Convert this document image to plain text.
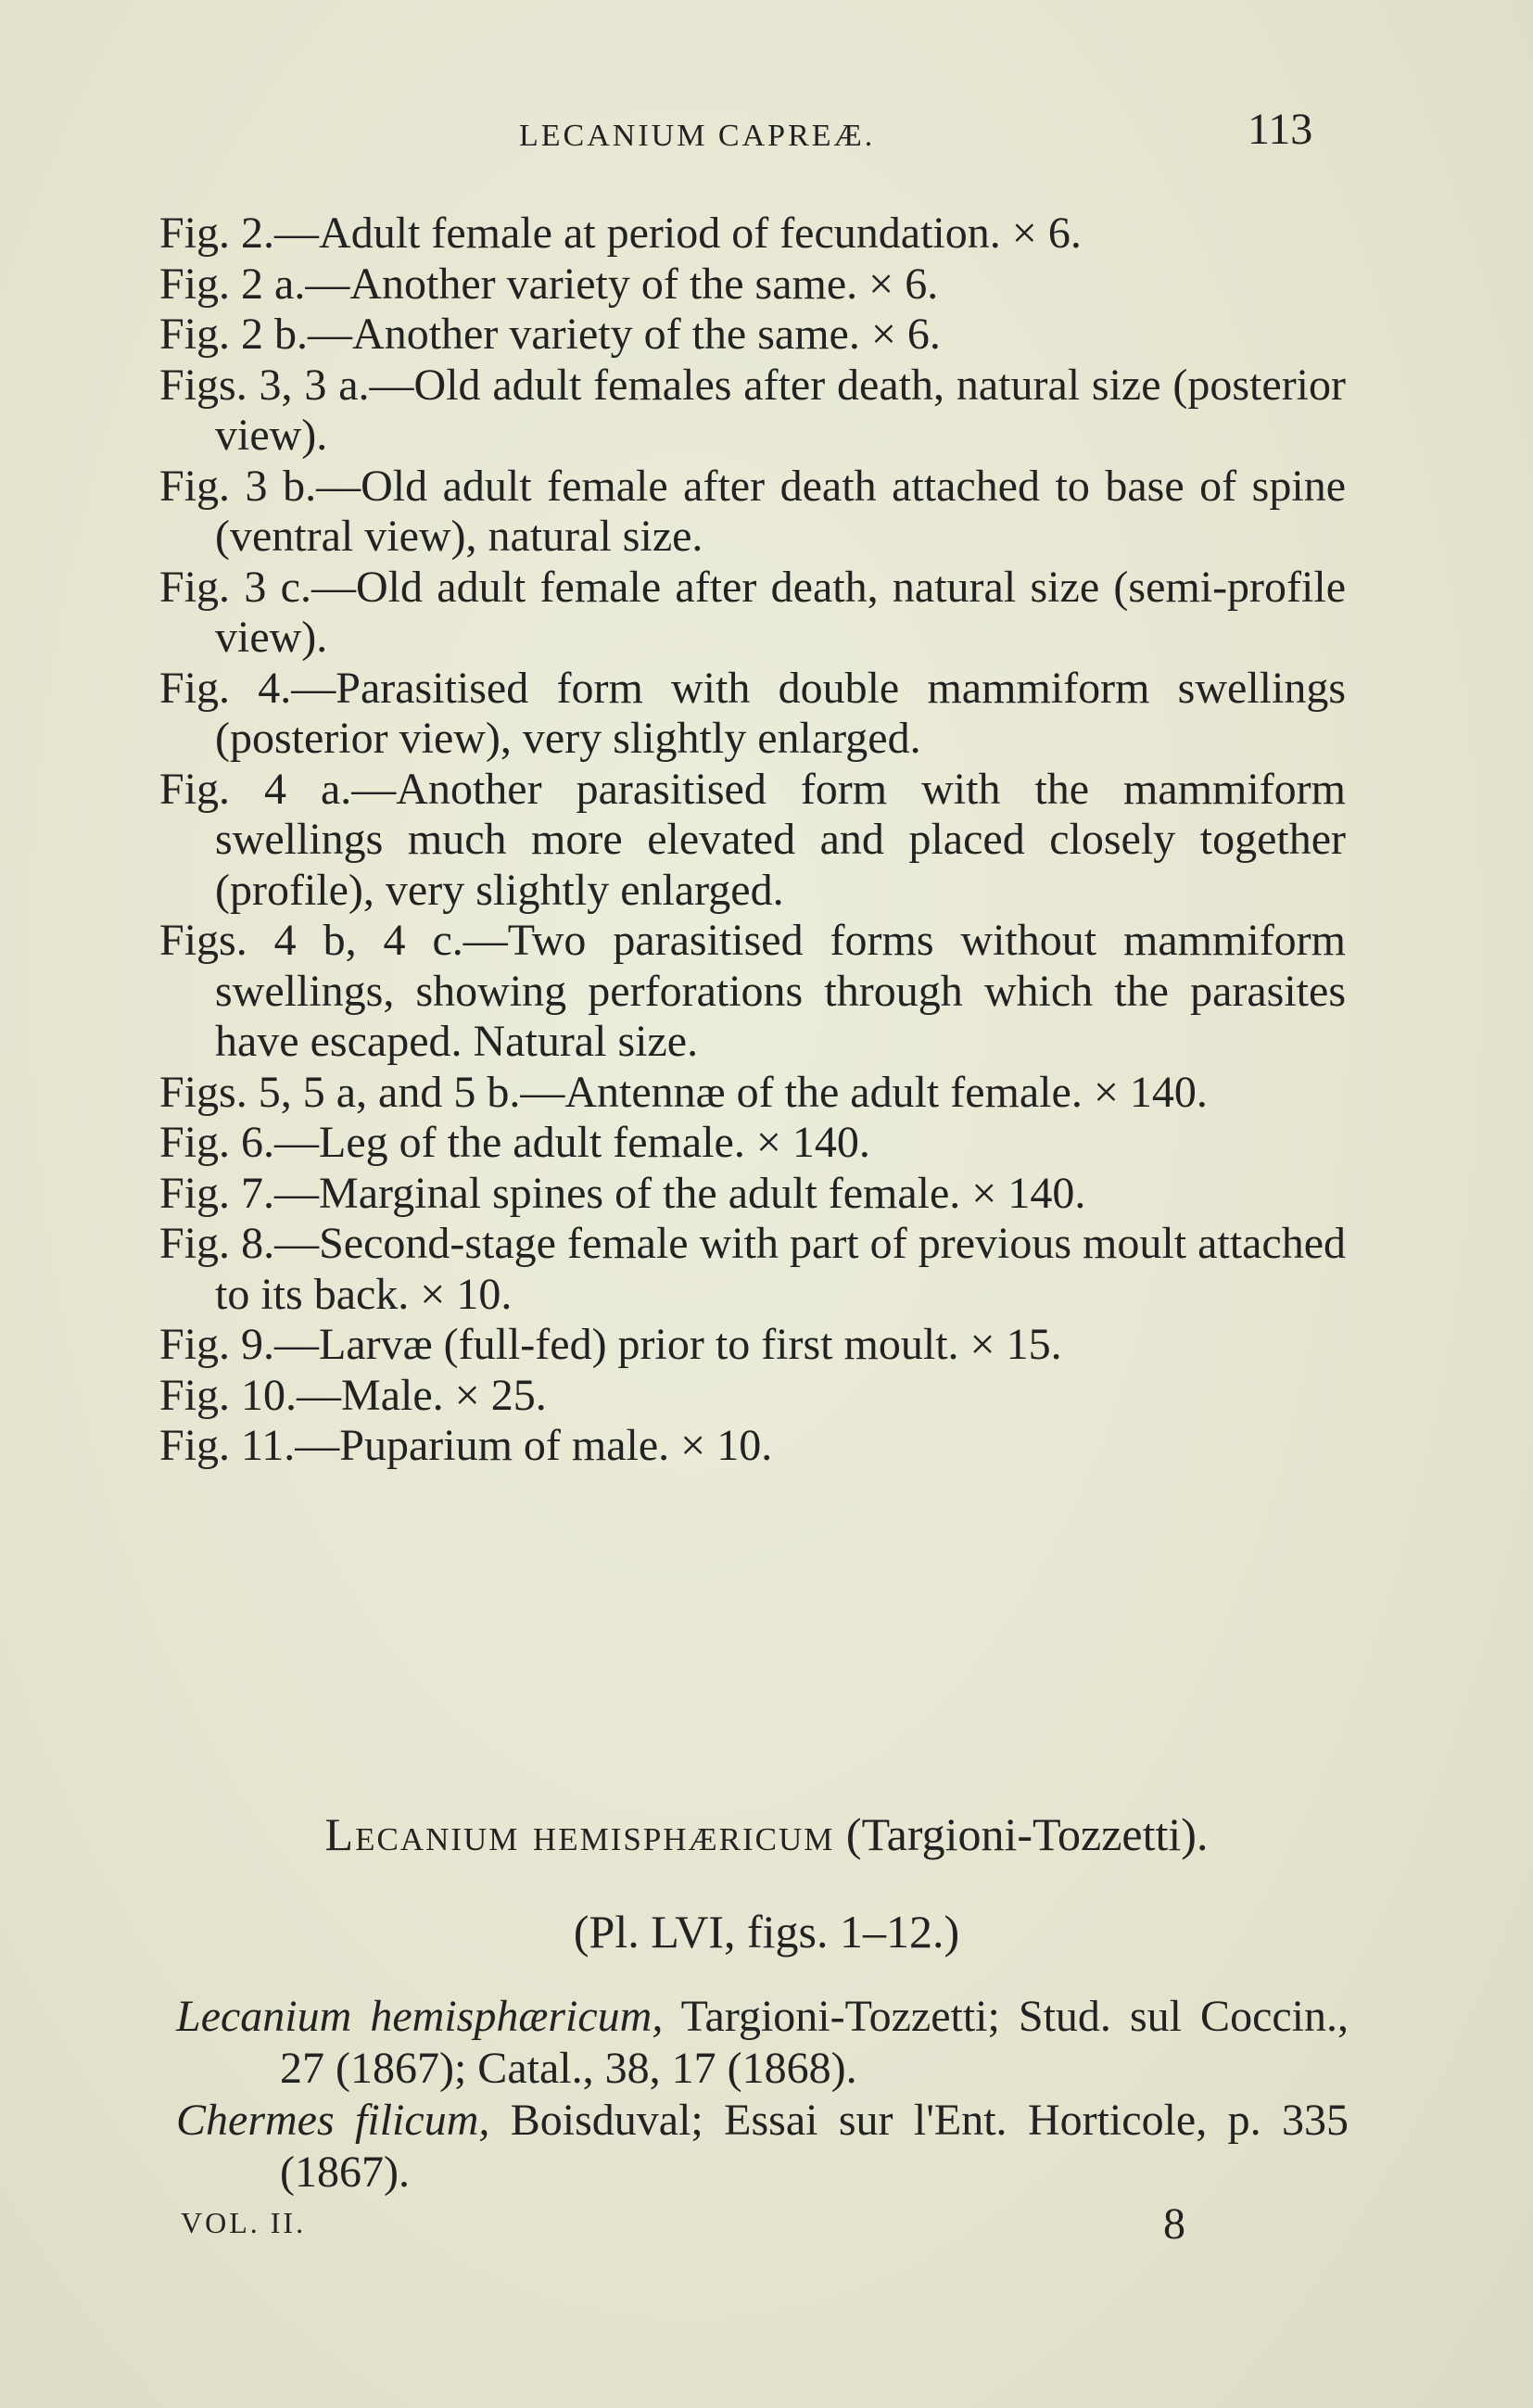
LECANIUM CAPREÆ.	113
Fig. 2.—Adult female at period of fecundation. × 6.
Fig. 2 a.—Another variety of the same. × 6.
Fig. 2 b.—Another variety of the same. × 6.
Figs. 3, 3 a.—Old adult females after death, natural size (posterior view).
Fig. 3 b.—Old adult female after death attached to base of spine (ventral view), natural size.
Fig. 3 c.—Old adult female after death, natural size (semi-profile view).
Fig. 4.—Parasitised form with double mammiform swellings (posterior view), very slightly enlarged.
Fig. 4 a.—Another parasitised form with the mammiform swellings much more elevated and placed closely together (profile), very slightly enlarged.
Figs. 4 b, 4 c.—Two parasitised forms without mammiform swellings, showing perforations through which the parasites have escaped. Natural size.
Figs. 5, 5 a, and 5 b.—Antennæ of the adult female. × 140.
Fig. 6.—Leg of the adult female. × 140.
Fig. 7.—Marginal spines of the adult female. × 140.
Fig. 8.—Second-stage female with part of previous moult attached to its back. × 10.
Fig. 9.—Larvæ (full-fed) prior to first moult. × 15.
Fig. 10.—Male. × 25.
Fig. 11.—Puparium of male. × 10.
Lecanium hemisphæricum (Targioni-Tozzetti).
(Pl. LVI, figs. 1–12.)
Lecanium hemisphæricum, Targioni-Tozzetti; Stud. sul Coccin., 27 (1867); Catal., 38, 17 (1868).
Chermes filicum, Boisduval; Essai sur l'Ent. Horticole, p. 335 (1867).
VOL. II.	8
